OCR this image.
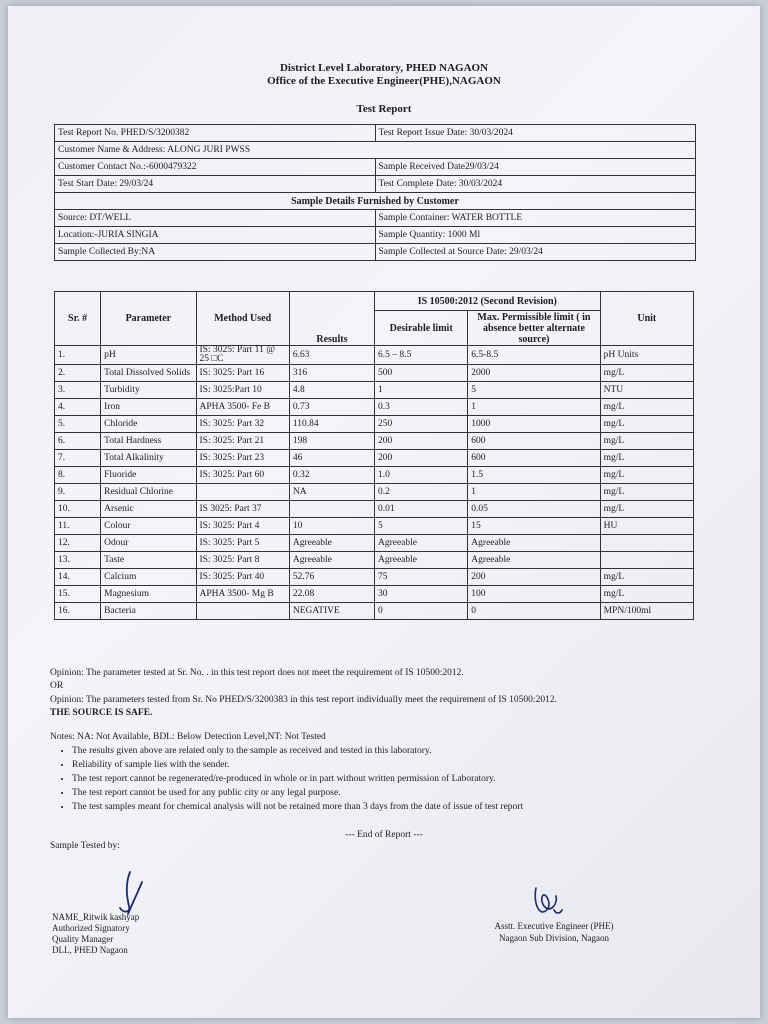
District Level Laboratory, PHED NAGAON
Office of the Executive Engineer(PHE),NAGAON
Test Report
Test Report No. PHED/S/3200382	Test Report Issue Date: 30/03/2024
Customer Name & Address: ALONG JURI PWSS	
Customer Contact No.:-6000479322	Sample Received Date29/03/24
Test Start Date: 29/03/24	Test Complete Date: 30/03/2024
Sample Details Furnished by Customer	
Source: DT/WELL	Sample Container: WATER BOTTLE
Location:-JURIA SINGIA	Sample Quantity: 1000 Ml
Sample Collected By:NA	Sample Collected at Source Date: 29/03/24
Sr. #	Parameter	Method Used	Results	IS 10500:2012 (Second Revision)		Unit
				Desirable limit	Max. Permissible limit ( in absence better alternate source)	
1.	pH	IS: 3025: Part 11 @ 25 □C	6.63	6.5 – 8.5	6.5-8.5	pH Units
2.	Total Dissolved Solids	IS: 3025: Part 16	316	500	2000	mg/L
3.	Turbidity	IS: 3025:Part 10	4.8	1	5	NTU
4.	Iron	APHA 3500- Fe B	0.73	0.3	1	mg/L
5.	Chloride	IS: 3025: Part 32	110.84	250	1000	mg/L
6.	Total Hardness	IS: 3025: Part 21	198	200	600	mg/L
7.	Total Alkalinity	IS: 3025: Part 23	46	200	600	mg/L
8.	Fluoride	IS: 3025: Part 60	0.32	1.0	1.5	mg/L
9.	Residual Chlorine		NA	0.2	1	mg/L
10.	Arsenic	IS 3025: Part 37		0.01	0.05	mg/L
11.	Colour	IS: 3025: Part 4	10	5	15	HU
12.	Odour	IS: 3025: Part 5	Agreeable	Agreeable	Agreeable	
13.	Taste	IS: 3025: Part 8	Agreeable	Agreeable	Agreeable	
14.	Calcium	IS: 3025: Part 40	52.76	75	200	mg/L
15.	Magnesium	APHA 3500- Mg B	22.08	30	100	mg/L
16.	Bacteria		NEGATIVE	0	0	MPN/100ml
Opinion: The parameter tested at Sr. No. . in this test report does not meet the requirement of IS 10500:2012.
OR
Opinion: The parameters tested from Sr. No PHED/S/3200383 in this test report individually meet the requirement of IS 10500:2012.
THE SOURCE IS SAFE.
Notes: NA: Not Available, BDL: Below Detection Level,NT: Not Tested
• The results given above are related only to the sample as received and tested in this laboratory.
• Reliability of sample lies with the sender.
• The test report cannot be regenerated/re-produced in whole or in part without written permission of Laboratory.
• The test report cannot be used for any public city or any legal purpose.
• The test samples meant for chemical analysis will not be retained more than 3 days from the date of issue of test report
--- End of Report ---
Sample Tested by:
NAME_Ritwik kashyap
Authorized Signatory
Quality Manager
DLL, PHED Nagaon
Asstt. Executive Engineer (PHE)
Nagaon Sub Division, Nagaon
